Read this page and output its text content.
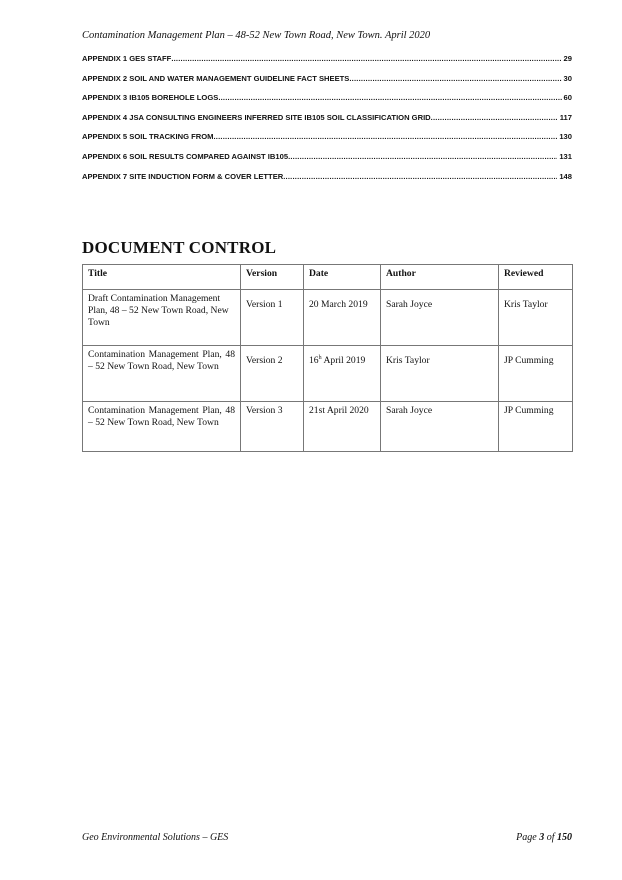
Contamination Management Plan – 48-52 New Town Road, New Town. April 2020
APPENDIX 1 GES STAFF .....	29
APPENDIX 2 SOIL AND WATER MANAGEMENT GUIDELINE FACT SHEETS .....	30
APPENDIX 3 IB105 BOREHOLE LOGS .....	60
APPENDIX 4 JSA CONSULTING ENGINEERS INFERRED SITE IB105 SOIL CLASSIFICATION GRID .....	117
APPENDIX 5 SOIL TRACKING FROM .....	130
APPENDIX 6 SOIL RESULTS COMPARED AGAINST IB105 .....	131
APPENDIX 7 SITE INDUCTION FORM & COVER LETTER .....	148
DOCUMENT CONTROL
Title	Version	Date	Author	Reviewed
Draft Contamination Management Plan, 48 – 52 New Town Road, New Town	Version 1	20 March 2019	Sarah Joyce	Kris Taylor
Contamination Management Plan, 48 – 52 New Town Road, New Town	Version 2	16$^h$ April 2019	Kris Taylor	JP Cumming
Contamination Management Plan, 48 – 52 New Town Road, New Town	Version 3	21st April 2020	Sarah Joyce	JP Cumming
Geo Environmental Solutions – GES	Page 3 of 150
